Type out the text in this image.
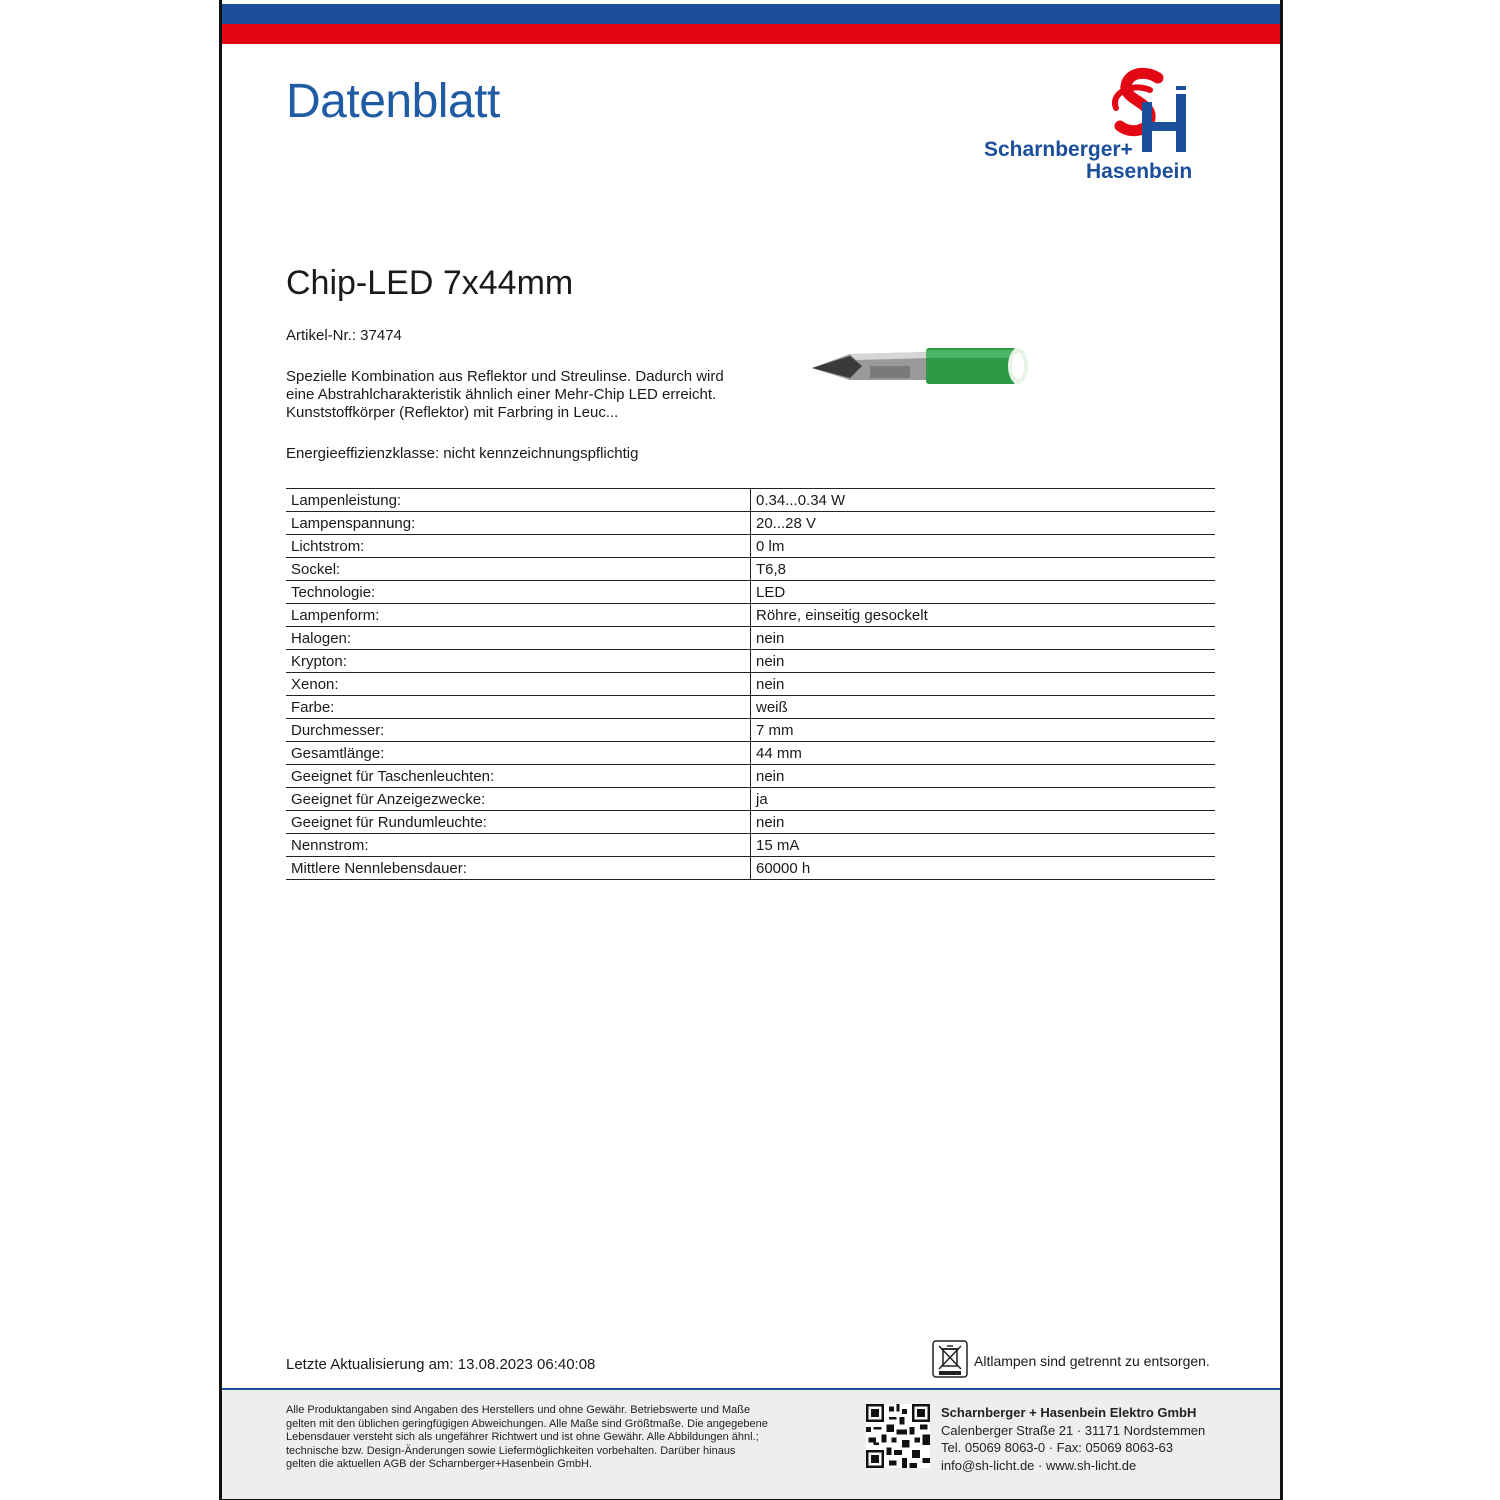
Datenblatt
Scharnberger+
Hasenbein
Chip-LED 7x44mm
Artikel-Nr.: 37474
Spezielle Kombination aus Reflektor und Streulinse. Dadurch wird
eine Abstrahlcharakteristik ähnlich einer Mehr-Chip LED erreicht.
Kunststoffkörper (Reflektor) mit Farbring in Leuc...
Energieeffizienzklasse: nicht kennzeichnungspflichtig
Lampenleistung:	0.34...0.34 W
Lampenspannung:	20...28 V
Lichtstrom:	0 lm
Sockel:	T6,8
Technologie:	LED
Lampenform:	Röhre, einseitig gesockelt
Halogen:	nein
Krypton:	nein
Xenon:	nein
Farbe:	weiß
Durchmesser:	7 mm
Gesamtlänge:	44 mm
Geeignet für Taschenleuchten:	nein
Geeignet für Anzeigezwecke:	ja
Geeignet für Rundumleuchte:	nein
Nennstrom:	15 mA
Mittlere Nennlebensdauer:	60000 h
Letzte Aktualisierung am: 13.08.2023 06:40:08	Altlampen sind getrennt zu entsorgen.
Alle Produktangaben sind Angaben des Herstellers und ohne Gewähr. Betriebswerte und Maße
gelten mit den üblichen geringfügigen Abweichungen. Alle Maße sind Größtmaße. Die angegebene
Lebensdauer versteht sich als ungefährer Richtwert und ist ohne Gewähr. Alle Abbildungen ähnl.;
technische bzw. Design-Änderungen sowie Liefermöglichkeiten vorbehalten. Darüber hinaus
gelten die aktuellen AGB der Scharnberger+Hasenbein GmbH.
Scharnberger + Hasenbein Elektro GmbH
Calenberger Straße 21 · 31171 Nordstemmen
Tel. 05069 8063-0 · Fax: 05069 8063-63
info@sh-licht.de · www.sh-licht.de
